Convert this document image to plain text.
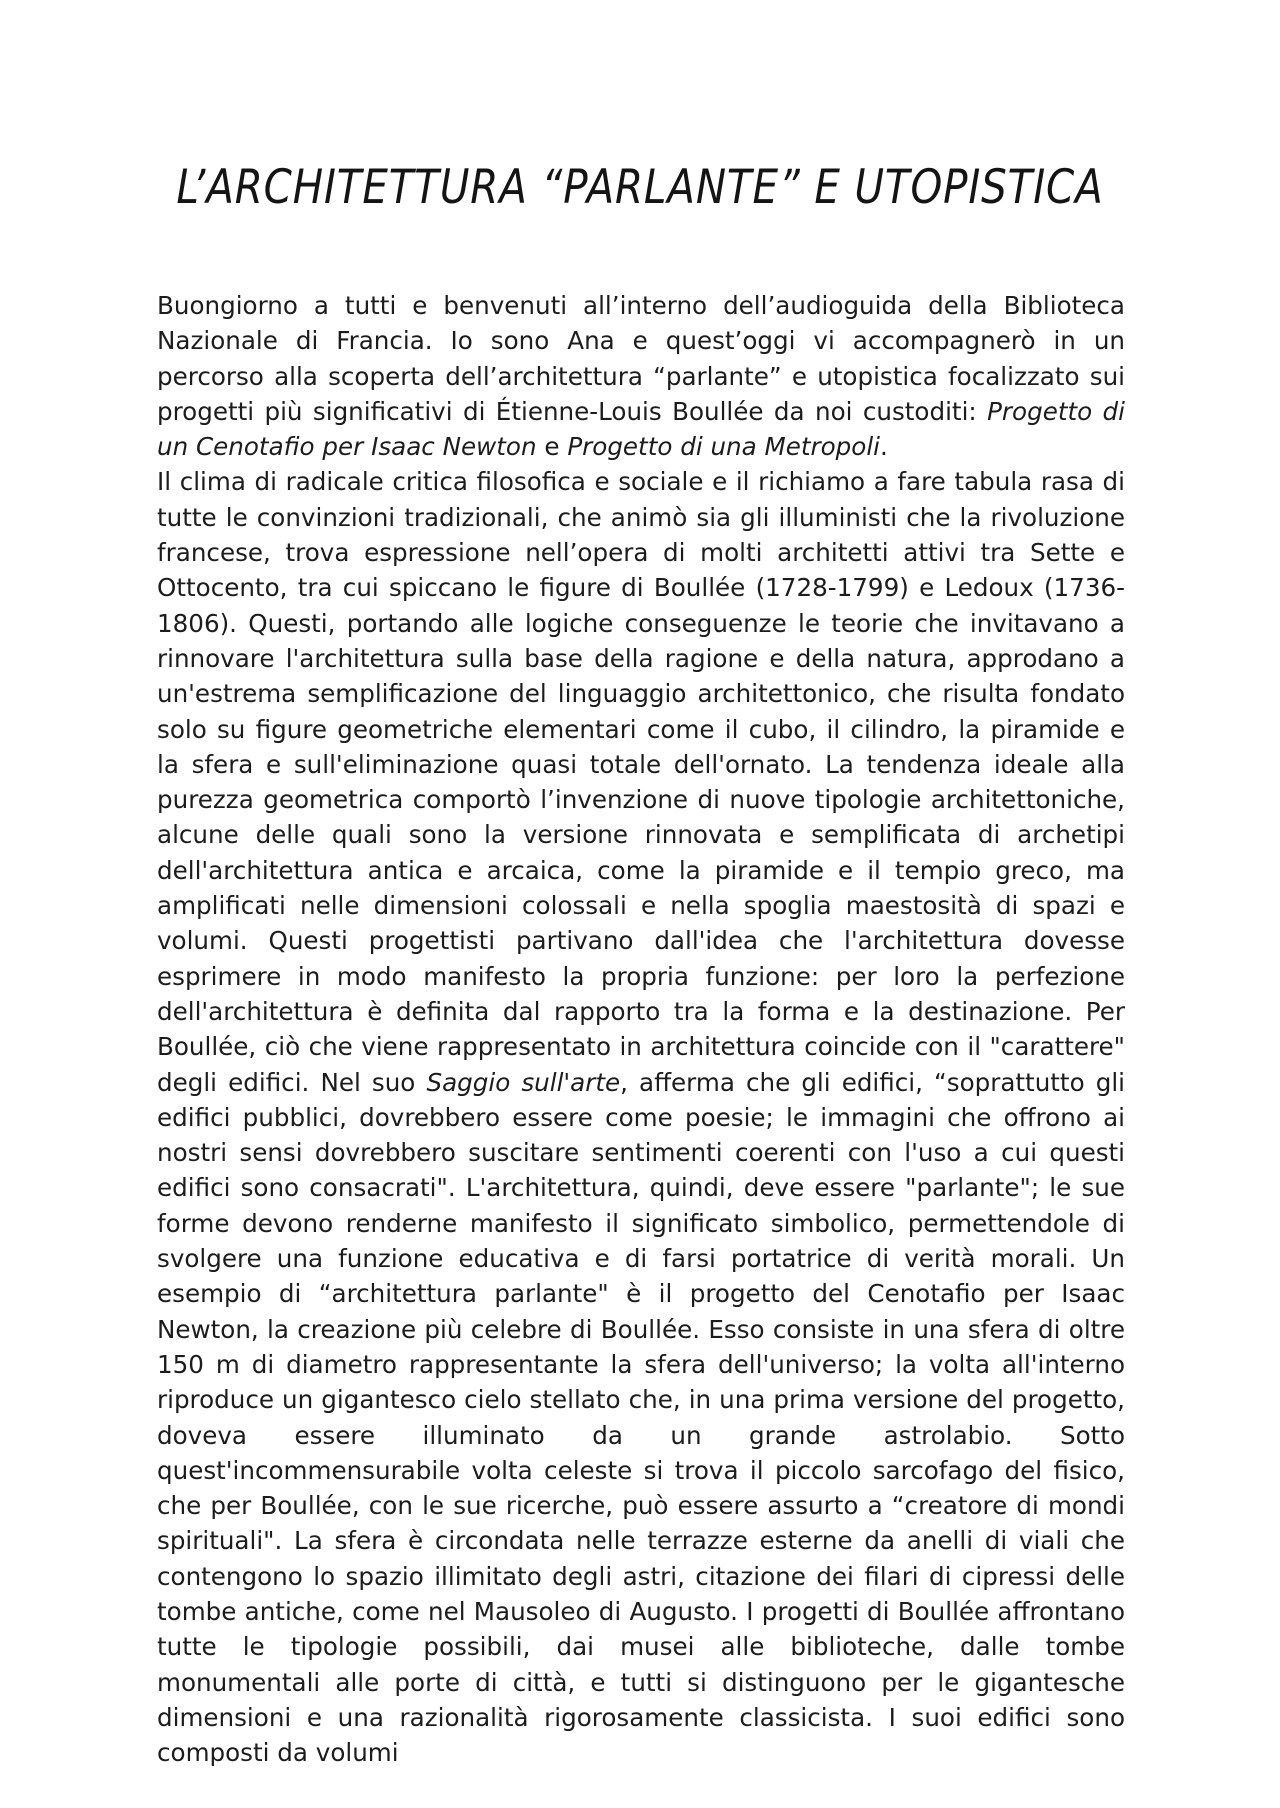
L’ARCHITETTURA “PARLANTE” E UTOPISTICA

Buongiorno a tutti e benvenuti all’interno dell’audioguida della Biblioteca Nazionale di Francia. Io sono Ana e quest’oggi vi accompagnerò in un percorso alla scoperta dell’architettura “parlante” e utopistica focalizzato sui progetti più significativi di Étienne-Louis Boullée da noi custoditi: Progetto di un Cenotafio per Isaac Newton e Progetto di una Metropoli.

Il clima di radicale critica filosofica e sociale e il richiamo a fare tabula rasa di tutte le convinzioni tradizionali, che animò sia gli illuministi che la rivoluzione francese, trova espressione nell’opera di molti architetti attivi tra Sette e Ottocento, tra cui spiccano le figure di Boullée (1728-1799) e Ledoux (1736-1806). Questi, portando alle logiche conseguenze le teorie che invitavano a rinnovare l'architettura sulla base della ragione e della natura, approdano a un'estrema semplificazione del linguaggio architettonico, che risulta fondato solo su figure geometriche elementari come il cubo, il cilindro, la piramide e la sfera e sull'eliminazione quasi totale dell'ornato. La tendenza ideale alla purezza geometrica comportò l’invenzione di nuove tipologie architettoniche, alcune delle quali sono la versione rinnovata e semplificata di archetipi dell'architettura antica e arcaica, come la piramide e il tempio greco, ma amplificati nelle dimensioni colossali e nella spoglia maestosità di spazi e volumi. Questi progettisti partivano dall'idea che l'architettura dovesse esprimere in modo manifesto la propria funzione: per loro la perfezione dell'architettura è definita dal rapporto tra la forma e la destinazione. Per Boullée, ciò che viene rappresentato in architettura coincide con il "carattere" degli edifici. Nel suo Saggio sull'arte, afferma che gli edifici, “soprattutto gli edifici pubblici, dovrebbero essere come poesie; le immagini che offrono ai nostri sensi dovrebbero suscitare sentimenti coerenti con l'uso a cui questi edifici sono consacrati". L'architettura, quindi, deve essere "parlante"; le sue forme devono renderne manifesto il significato simbolico, permettendole di svolgere una funzione educativa e di farsi portatrice di verità morali. Un esempio di “architettura parlante" è il progetto del Cenotafio per Isaac Newton, la creazione più celebre di Boullée. Esso consiste in una sfera di oltre 150 m di diametro rappresentante la sfera dell'universo; la volta all'interno riproduce un gigantesco cielo stellato che, in una prima versione del progetto, doveva essere illuminato da un grande astrolabio. Sotto quest'incommensurabile volta celeste si trova il piccolo sarcofago del fisico, che per Boullée, con le sue ricerche, può essere assurto a “creatore di mondi spirituali". La sfera è circondata nelle terrazze esterne da anelli di viali che contengono lo spazio illimitato degli astri, citazione dei filari di cipressi delle tombe antiche, come nel Mausoleo di Augusto. I progetti di Boullée affrontano tutte le tipologie possibili, dai musei alle biblioteche, dalle tombe monumentali alle porte di città, e tutti si distinguono per le gigantesche dimensioni e una razionalità rigorosamente classicista. I suoi edifici sono composti da volumi
